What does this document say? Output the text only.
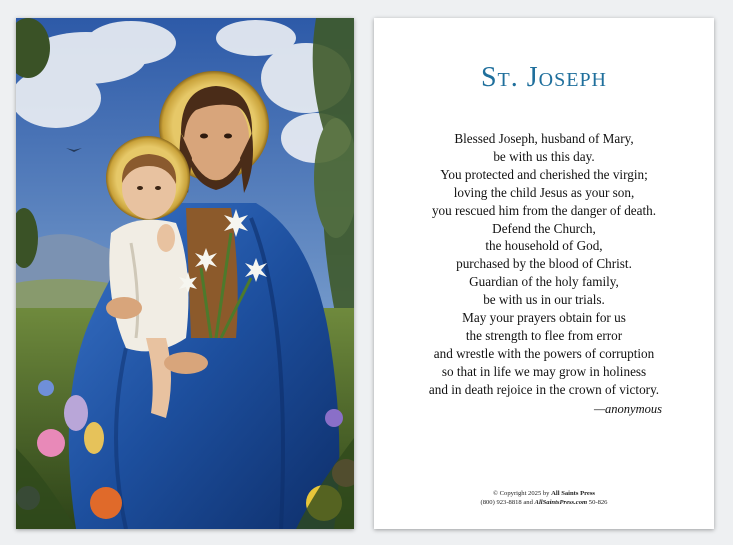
St. Joseph
Blessed Joseph, husband of Mary,
be with us this day.
You protected and cherished the virgin;
loving the child Jesus as your son,
you rescued him from the danger of death.
Defend the Church,
the household of God,
purchased by the blood of Christ.
Guardian of the holy family,
be with us in our trials.
May your prayers obtain for us
the strength to flee from error
and wrestle with the powers of corruption
so that in life we may grow in holiness
and in death rejoice in the crown of victory.
—anonymous
© Copyright 2025 by All Saints Press
(800) 923-8818 and AllSaintsPress.com 50-826
